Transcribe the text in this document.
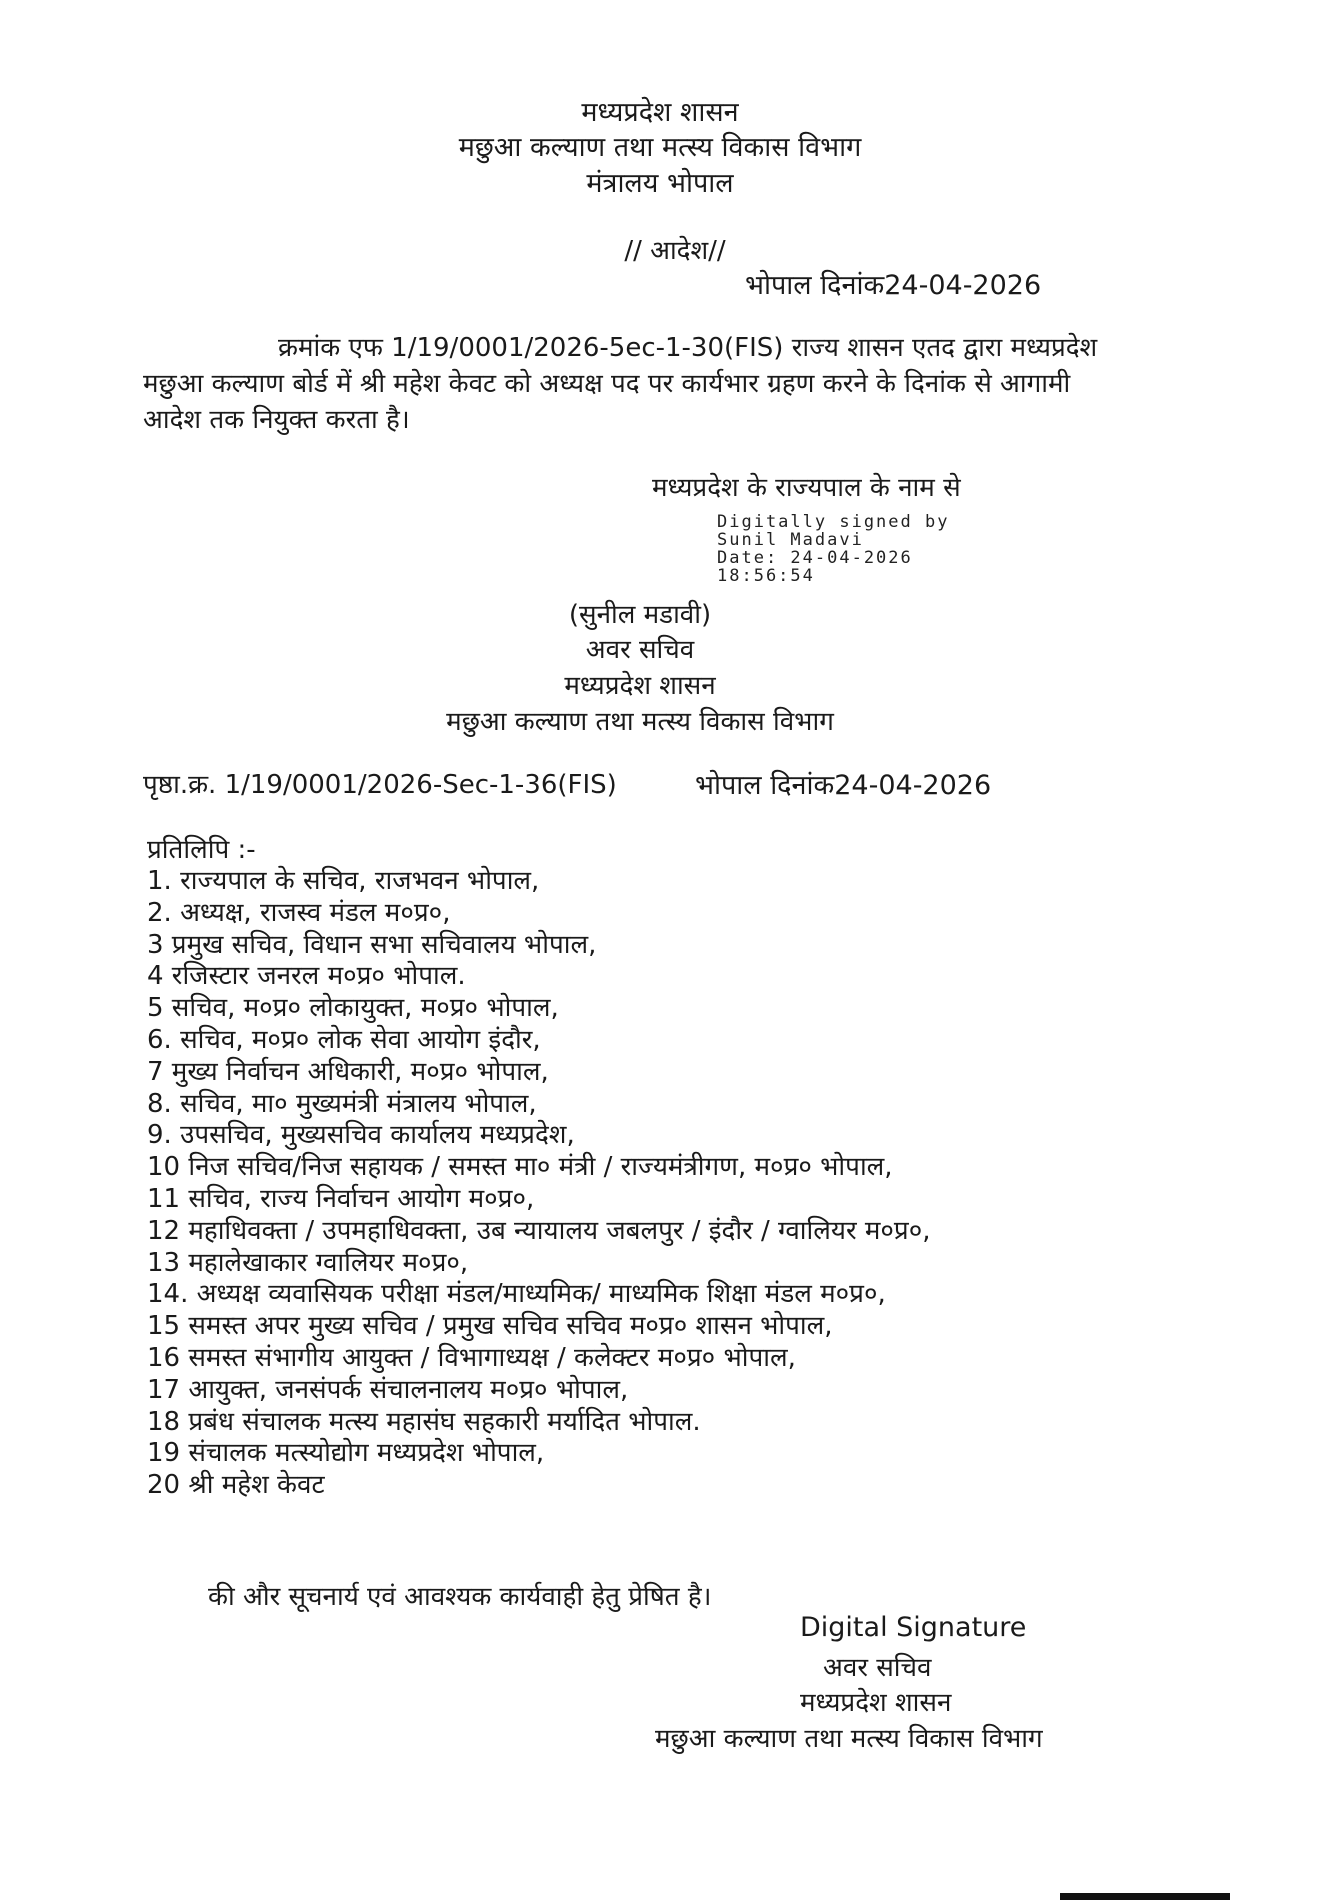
मध्यप्रदेश शासन
मछुआ कल्याण तथा मत्स्य विकास विभाग
मंत्रालय भोपाल
// आदेश//
भोपाल दिनांक24-04-2026
क्रमांक एफ 1/19/0001/2026-5ec-1-30(FIS) राज्य शासन एतद द्वारा मध्यप्रदेश
मछुआ कल्याण बोर्ड में श्री महेश केवट को अध्यक्ष पद पर कार्यभार ग्रहण करने के दिनांक से आगामी
आदेश तक नियुक्त करता है।
मध्यप्रदेश के राज्यपाल के नाम से
Digitally signed by
Sunil Madavi
Date: 24-04-2026
18:56:54
(सुनील मडावी)
अवर सचिव
मध्यप्रदेश शासन
मछुआ कल्याण तथा मत्स्य विकास विभाग
पृष्ठा.क्र. 1/19/0001/2026-Sec-1-36(FIS)	भोपाल दिनांक24-04-2026
प्रतिलिपि :-
1. राज्यपाल के सचिव, राजभवन भोपाल,
2. अध्यक्ष, राजस्व मंडल म०प्र०,
3 प्रमुख सचिव, विधान सभा सचिवालय भोपाल,
4 रजिस्टार जनरल म०प्र० भोपाल.
5 सचिव, म०प्र० लोकायुक्त, म०प्र० भोपाल,
6. सचिव, म०प्र० लोक सेवा आयोग इंदौर,
7 मुख्य निर्वाचन अधिकारी, म०प्र० भोपाल,
8. सचिव, मा० मुख्यमंत्री मंत्रालय भोपाल,
9. उपसचिव, मुख्यसचिव कार्यालय मध्यप्रदेश,
10 निज सचिव/निज सहायक / समस्त मा० मंत्री / राज्यमंत्रीगण, म०प्र० भोपाल,
11 सचिव, राज्य निर्वाचन आयोग म०प्र०,
12 महाधिवक्ता / उपमहाधिवक्ता, उब न्यायालय जबलपुर / इंदौर / ग्वालियर म०प्र०,
13 महालेखाकार ग्वालियर म०प्र०,
14. अध्यक्ष व्यवासियक परीक्षा मंडल/माध्यमिक/ माध्यमिक शिक्षा मंडल म०प्र०,
15 समस्त अपर मुख्य सचिव / प्रमुख सचिव सचिव म०प्र० शासन भोपाल,
16 समस्त संभागीय आयुक्त / विभागाध्यक्ष / कलेक्टर म०प्र० भोपाल,
17 आयुक्त, जनसंपर्क संचालनालय म०प्र० भोपाल,
18 प्रबंध संचालक मत्स्य महासंघ सहकारी मर्यादित भोपाल.
19 संचालक मत्स्योद्योग मध्यप्रदेश भोपाल,
20 श्री महेश केवट
की और सूचनार्य एवं आवश्यक कार्यवाही हेतु प्रेषित है।
Digital Signature
अवर सचिव
मध्यप्रदेश शासन
मछुआ कल्याण तथा मत्स्य विकास विभाग
